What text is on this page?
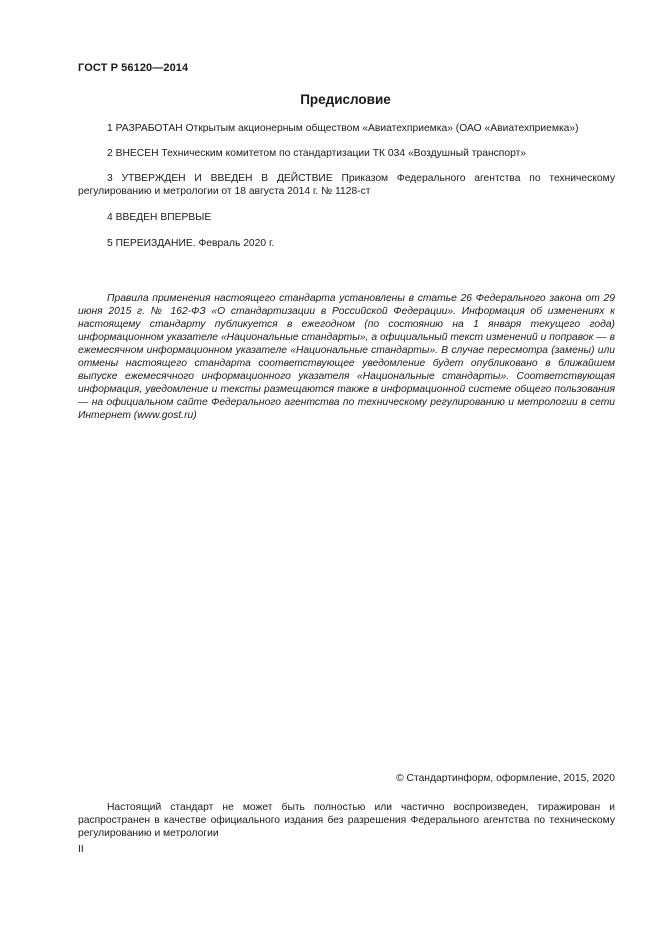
ГОСТ Р 56120—2014
Предисловие
1 РАЗРАБОТАН Открытым акционерным обществом «Авиатехприемка» (ОАО «Авиатехприемка»)
2 ВНЕСЕН Техническим комитетом по стандартизации ТК 034 «Воздушный транспорт»
3 УТВЕРЖДЕН И ВВЕДЕН В ДЕЙСТВИЕ Приказом Федерального агентства по техническому регулированию и метрологии от 18 августа 2014 г. № 1128-ст
4 ВВЕДЕН ВПЕРВЫЕ
5 ПЕРЕИЗДАНИЕ. Февраль 2020 г.
Правила применения настоящего стандарта установлены в статье 26 Федерального закона от 29 июня 2015 г. № 162-ФЗ «О стандартизации в Российской Федерации». Информация об изменениях к настоящему стандарту публикуется в ежегодном (по состоянию на 1 января текущего года) информационном указателе «Национальные стандарты», а официальный текст изменений и поправок — в ежемесячном информационном указателе «Национальные стандарты». В случае пересмотра (замены) или отмены настоящего стандарта соответствующее уведомление будет опубликовано в ближайшем выпуске ежемесячного информационного указателя «Национальные стандарты». Соответствующая информация, уведомление и тексты размещаются также в информационной системе общего пользования — на официальном сайте Федерального агентства по техническому регулированию и метрологии в сети Интернет (www.gost.ru)
© Стандартинформ, оформление, 2015, 2020
Настоящий стандарт не может быть полностью или частично воспроизведен, тиражирован и распространен в качестве официального издания без разрешения Федерального агентства по техническому регулированию и метрологии
II
